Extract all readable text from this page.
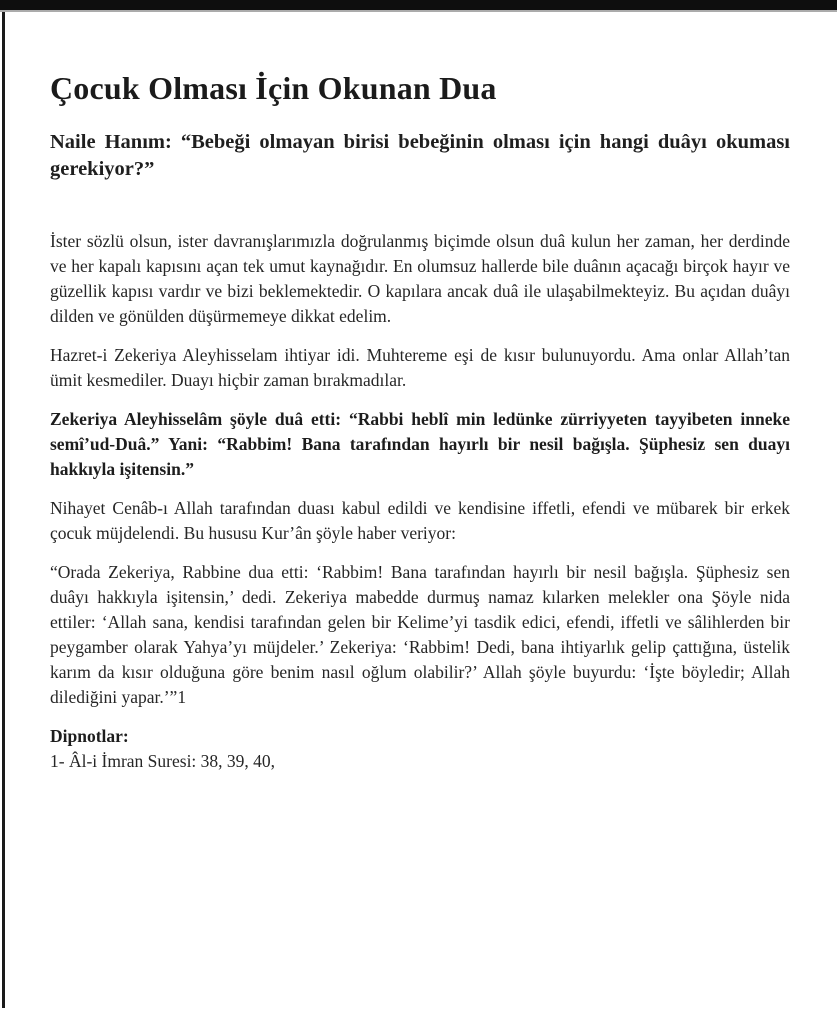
Çocuk Olması İçin Okunan Dua
Naile Hanım: “Bebeği olmayan birisi bebeğinin olması için hangi duâyı okuması gerekiyor?”

İster sözlü olsun, ister davranışlarımızla doğrulanmış biçimde olsun duâ kulun her zaman, her derdinde ve her kapalı kapısını açan tek umut kaynağıdır. En olumsuz hallerde bile duânın açacağı birçok hayır ve güzellik kapısı vardır ve bizi beklemektedir. O kapılara ancak duâ ile ulaşabilmekteyiz. Bu açıdan duâyı dilden ve gönülden düşürmemeye dikkat edelim.

Hazret-i Zekeriya Aleyhisselam ihtiyar idi. Muhtereme eşi de kısır bulunuyordu. Ama onlar Allah’tan ümit kesmediler. Duayı hiçbir zaman bırakmadılar.

Zekeriya Aleyhisselâm şöyle duâ etti: “Rabbi heblî min ledünke zürriyyeten tayyibeten inneke semî’ud-Duâ.” Yani: “Rabbim! Bana tarafından hayırlı bir nesil bağışla. Şüphesiz sen duayı hakkıyla işitensin.”

Nihayet Cenâb-ı Allah tarafından duası kabul edildi ve kendisine iffetli, efendi ve mübarek bir erkek çocuk müjdelendi. Bu hususu Kur’ân şöyle haber veriyor:

“Orada Zekeriya, Rabbine dua etti: ‘Rabbim! Bana tarafından hayırlı bir nesil bağışla. Şüphesiz sen duâyı hakkıyla işitensin,’ dedi. Zekeriya mabedde durmuş namaz kılarken melekler ona Şöyle nida ettiler: ‘Allah sana, kendisi tarafından gelen bir Kelime’yi tasdik edici, efendi, iffetli ve sâlihlerden bir peygamber olarak Yahya’yı müjdeler.’ Zekeriya: ‘Rabbim! Dedi, bana ihtiyarlık gelip çattığına, üstelik karım da kısır olduğuna göre benim nasıl oğlum olabilir?’ Allah şöyle buyurdu: ‘İşte böyledir; Allah dilediğini yapar.’”1

Dipnotlar:
1- Âl-i İmran Suresi: 38, 39, 40,
